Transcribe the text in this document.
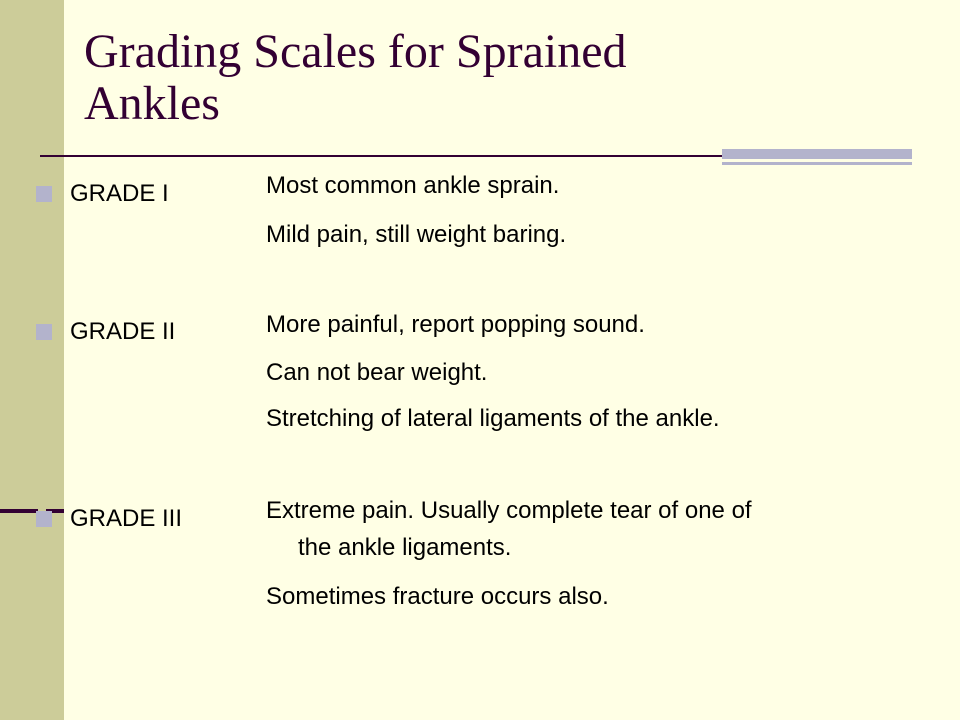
Grading Scales for Sprained
Ankles
GRADE I	Most common ankle sprain.
Mild pain, still weight baring.
GRADE II	More painful, report popping sound.
Can not bear weight.
Stretching of lateral ligaments of the ankle.
GRADE III	Extreme pain. Usually complete tear of one of
the ankle ligaments.
Sometimes fracture occurs also.
